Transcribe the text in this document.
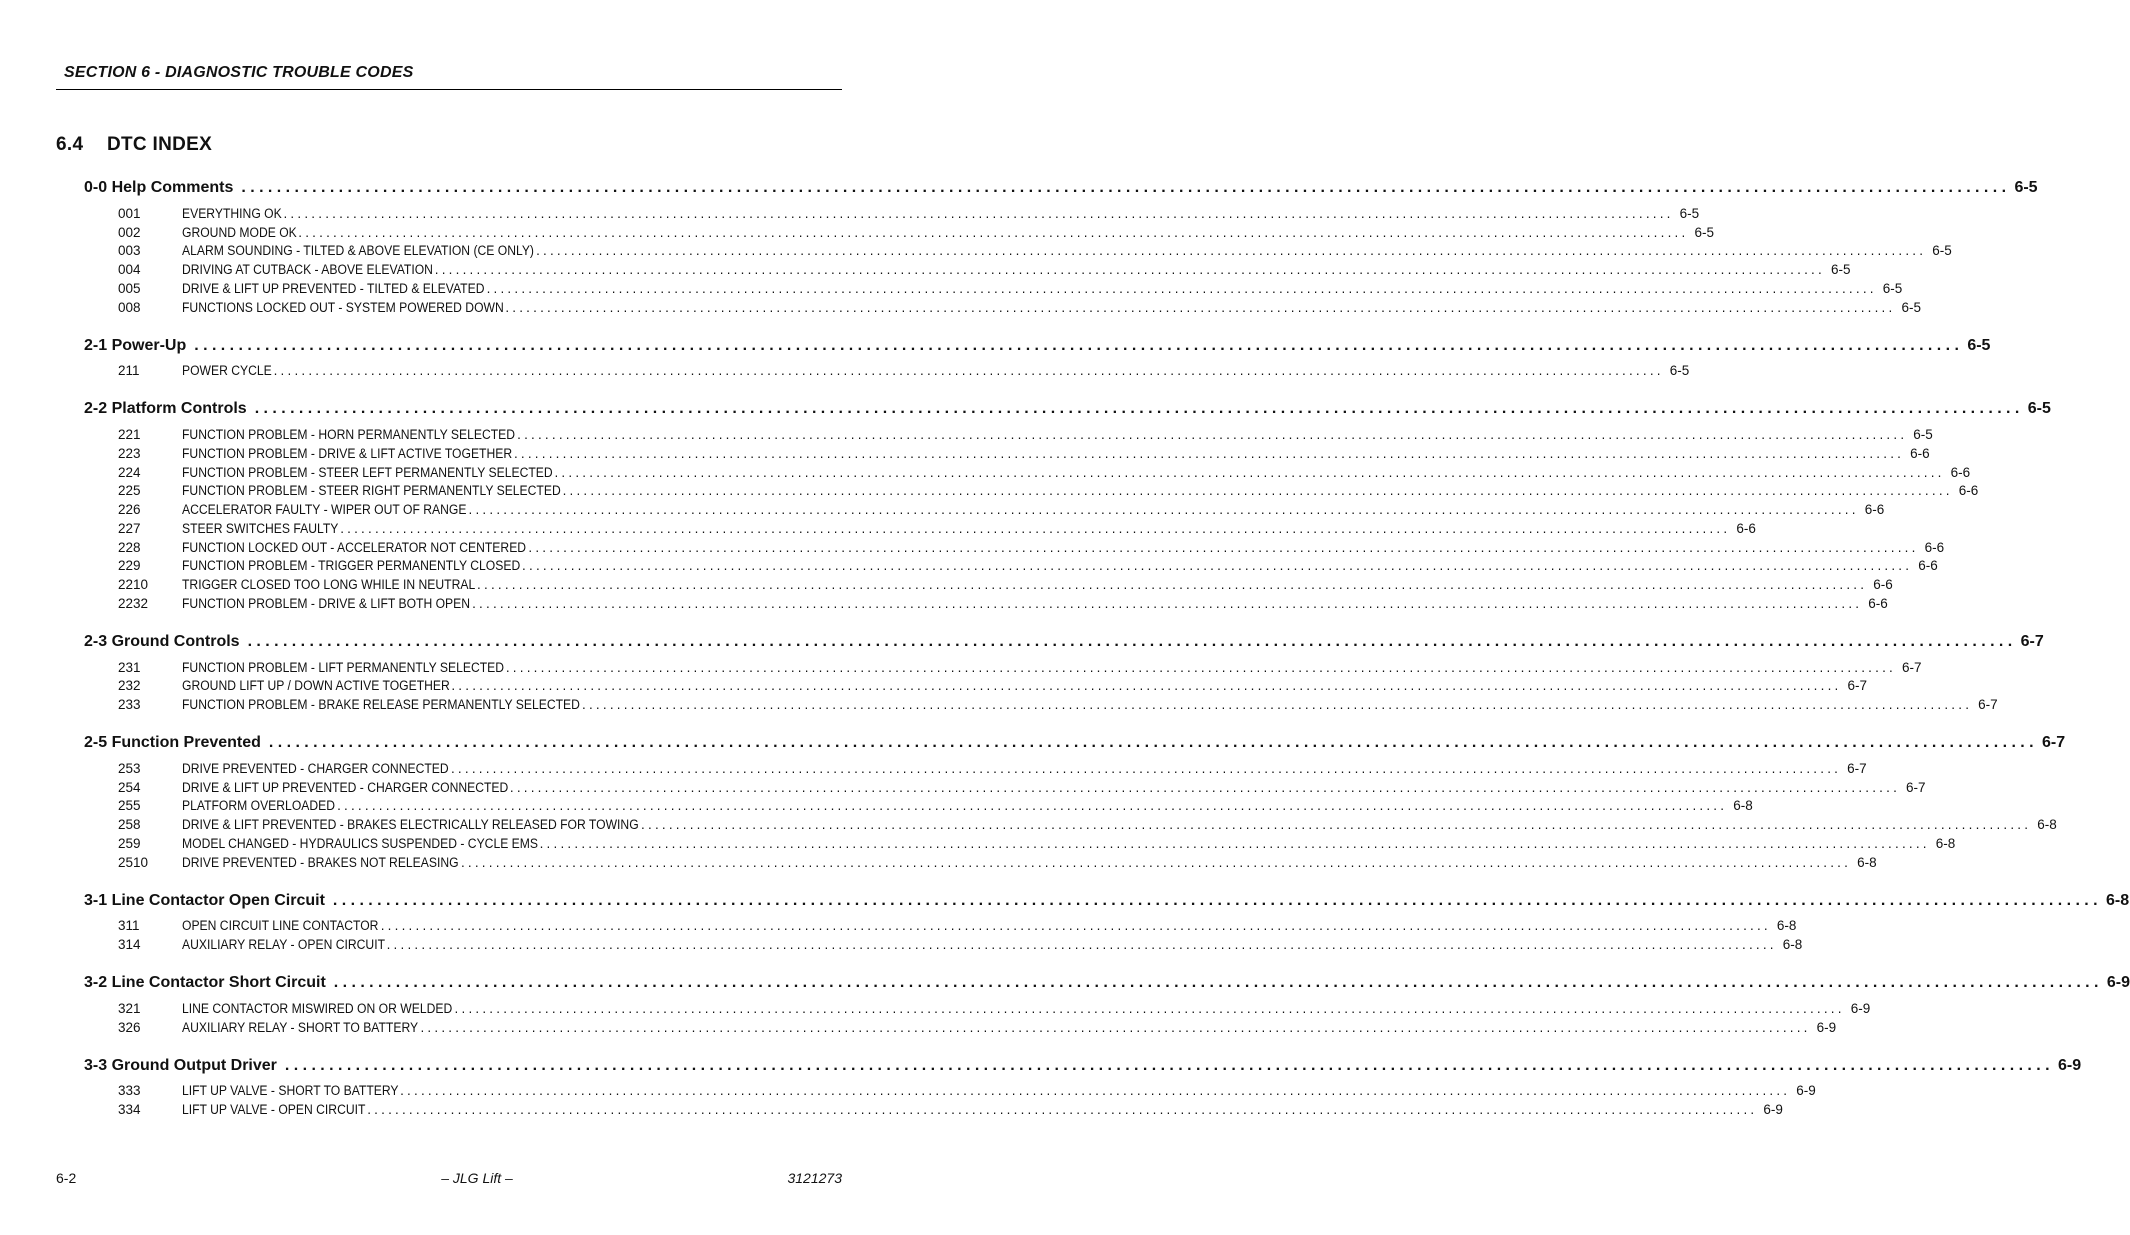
SECTION 6 - DIAGNOSTIC TROUBLE CODES
6.4 DTC INDEX
0-0 Help Comments ........................................................................................................................................................................................................ 6-5
001	EVERYTHING OK ........................................................................................................................................................................................................ 6-5
002	GROUND MODE OK ........................................................................................................................................................................................................ 6-5
003	ALARM SOUNDING - TILTED & ABOVE ELEVATION (CE ONLY) ........................................................................................................................................................................................................ 6-5
004	DRIVING AT CUTBACK - ABOVE ELEVATION ........................................................................................................................................................................................................ 6-5
005	DRIVE & LIFT UP PREVENTED - TILTED & ELEVATED ........................................................................................................................................................................................................ 6-5
008	FUNCTIONS LOCKED OUT - SYSTEM POWERED DOWN ........................................................................................................................................................................................................ 6-5
2-1 Power-Up ........................................................................................................................................................................................................ 6-5
211	POWER CYCLE ........................................................................................................................................................................................................ 6-5
2-2 Platform Controls ........................................................................................................................................................................................................ 6-5
221	FUNCTION PROBLEM - HORN PERMANENTLY SELECTED ........................................................................................................................................................................................................ 6-5
223	FUNCTION PROBLEM - DRIVE & LIFT ACTIVE TOGETHER ........................................................................................................................................................................................................ 6-6
224	FUNCTION PROBLEM - STEER LEFT PERMANENTLY SELECTED ........................................................................................................................................................................................................ 6-6
225	FUNCTION PROBLEM - STEER RIGHT PERMANENTLY SELECTED ........................................................................................................................................................................................................ 6-6
226	ACCELERATOR FAULTY - WIPER OUT OF RANGE ........................................................................................................................................................................................................ 6-6
227	STEER SWITCHES FAULTY ........................................................................................................................................................................................................ 6-6
228	FUNCTION LOCKED OUT - ACCELERATOR NOT CENTERED ........................................................................................................................................................................................................ 6-6
229	FUNCTION PROBLEM - TRIGGER PERMANENTLY CLOSED ........................................................................................................................................................................................................ 6-6
2210	TRIGGER CLOSED TOO LONG WHILE IN NEUTRAL ........................................................................................................................................................................................................ 6-6
2232	FUNCTION PROBLEM - DRIVE & LIFT BOTH OPEN ........................................................................................................................................................................................................ 6-6
2-3 Ground Controls ........................................................................................................................................................................................................ 6-7
231	FUNCTION PROBLEM - LIFT PERMANENTLY SELECTED ........................................................................................................................................................................................................ 6-7
232	GROUND LIFT UP / DOWN ACTIVE TOGETHER ........................................................................................................................................................................................................ 6-7
233	FUNCTION PROBLEM - BRAKE RELEASE PERMANENTLY SELECTED ........................................................................................................................................................................................................ 6-7
2-5 Function Prevented ........................................................................................................................................................................................................ 6-7
253	DRIVE PREVENTED - CHARGER CONNECTED ........................................................................................................................................................................................................ 6-7
254	DRIVE & LIFT UP PREVENTED - CHARGER CONNECTED ........................................................................................................................................................................................................ 6-7
255	PLATFORM OVERLOADED ........................................................................................................................................................................................................ 6-8
258	DRIVE & LIFT PREVENTED - BRAKES ELECTRICALLY RELEASED FOR TOWING ........................................................................................................................................................................................................ 6-8
259	MODEL CHANGED - HYDRAULICS SUSPENDED - CYCLE EMS ........................................................................................................................................................................................................ 6-8
2510	DRIVE PREVENTED - BRAKES NOT RELEASING ........................................................................................................................................................................................................ 6-8
3-1 Line Contactor Open Circuit ........................................................................................................................................................................................................ 6-8
311	OPEN CIRCUIT LINE CONTACTOR ........................................................................................................................................................................................................ 6-8
314	AUXILIARY RELAY - OPEN CIRCUIT ........................................................................................................................................................................................................ 6-8
3-2 Line Contactor Short Circuit ........................................................................................................................................................................................................ 6-9
321	LINE CONTACTOR MISWIRED ON OR WELDED ........................................................................................................................................................................................................ 6-9
326	AUXILIARY RELAY - SHORT TO BATTERY ........................................................................................................................................................................................................ 6-9
3-3 Ground Output Driver ........................................................................................................................................................................................................ 6-9
333	LIFT UP VALVE - SHORT TO BATTERY ........................................................................................................................................................................................................ 6-9
334	LIFT UP VALVE - OPEN CIRCUIT ........................................................................................................................................................................................................ 6-9
6-2	– JLG Lift –	3121273
